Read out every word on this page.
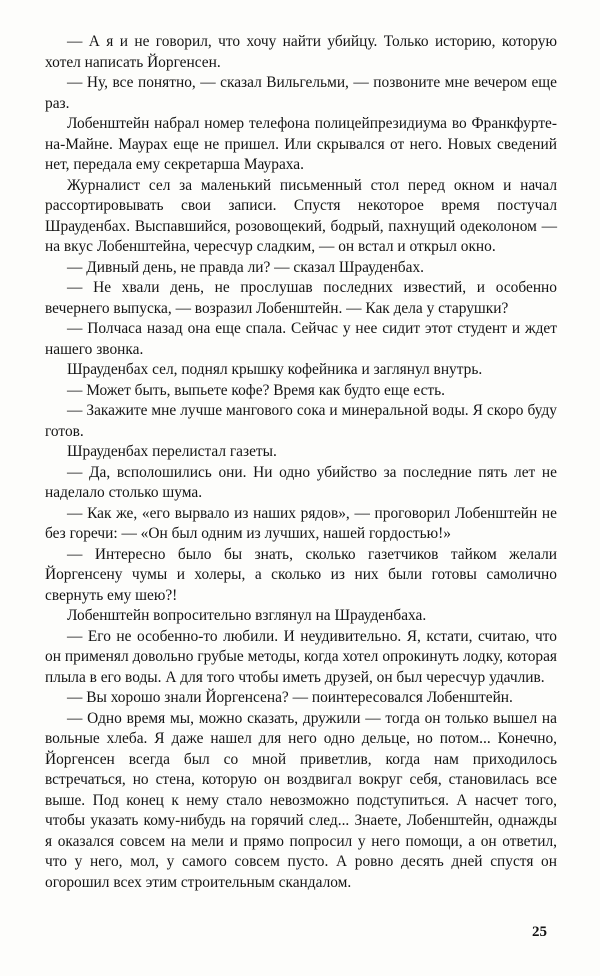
— А я и не говорил, что хочу найти убийцу. Только историю, которую хотел написать Йоргенсен.

— Ну, все понятно, — сказал Вильгельми, — позвоните мне вечером еще раз.

Лобенштейн набрал номер телефона полицейпрезидиума во Франкфурте-на-Майне. Маурах еще не пришел. Или скрывался от него. Новых сведений нет, передала ему секретарша Мауpаха.

Журналист сел за маленький письменный стол перед окном и начал рассортировывать свои записи. Спустя некоторое время постучал Шрауденбах. Выспавшийся, розовощекий, бодрый, пахнущий одеколоном — на вкус Лобенштейна, чересчур сладким, — он встал и открыл окно.

— Дивный день, не правда ли? — сказал Шрауденбах.

— Не хвали день, не прослушав последних известий, и особенно вечернего выпуска, — возразил Лобенштейн. — Как дела у старушки?

— Полчаса назад она еще спала. Сейчас у нее сидит этот студент и ждет нашего звонка.

Шрауденбах сел, поднял крышку кофейника и заглянул внутрь.

— Может быть, выпьете кофе? Время как будто еще есть.

— Закажите мне лучше мангового сока и минеральной воды. Я скоро буду готов.

Шрауденбах перелистал газеты.

— Да, всполошились они. Ни одно убийство за последние пять лет не наделало столько шума.

— Как же, «его вырвало из наших рядов», — проговорил Лобенштейн не без горечи: — «Он был одним из лучших, нашей гордостью!»

— Интересно было бы знать, сколько газетчиков тайком желали Йоргенсену чумы и холеры, а сколько из них были готовы самолично свернуть ему шею?!

Лобенштейн вопросительно взглянул на Шрауденбаха.

— Его не особенно-то любили. И неудивительно. Я, кстати, считаю, что он применял довольно грубые методы, когда хотел опрокинуть лодку, которая плыла в его воды. А для того чтобы иметь друзей, он был чересчур удачлив.

— Вы хорошо знали Йоргенсена? — поинтересовался Лобенштейн.

— Одно время мы, можно сказать, дружили — тогда он только вышел на вольные хлеба. Я даже нашел для него одно дельце, но потом... Конечно, Йоргенсен всегда был со мной приветлив, когда нам приходилось встречаться, но стена, которую он воздвигал вокруг себя, становилась все выше. Под конец к нему стало невозможно подступиться. А насчет того, чтобы указать кому-нибудь на горячий след... Знаете, Лобенштейн, однажды я оказался совсем на мели и прямо попросил у него помощи, а он ответил, что у него, мол, у самого совсем пусто. А ровно десять дней спустя он огорошил всех этим строительным скандалом.

25
